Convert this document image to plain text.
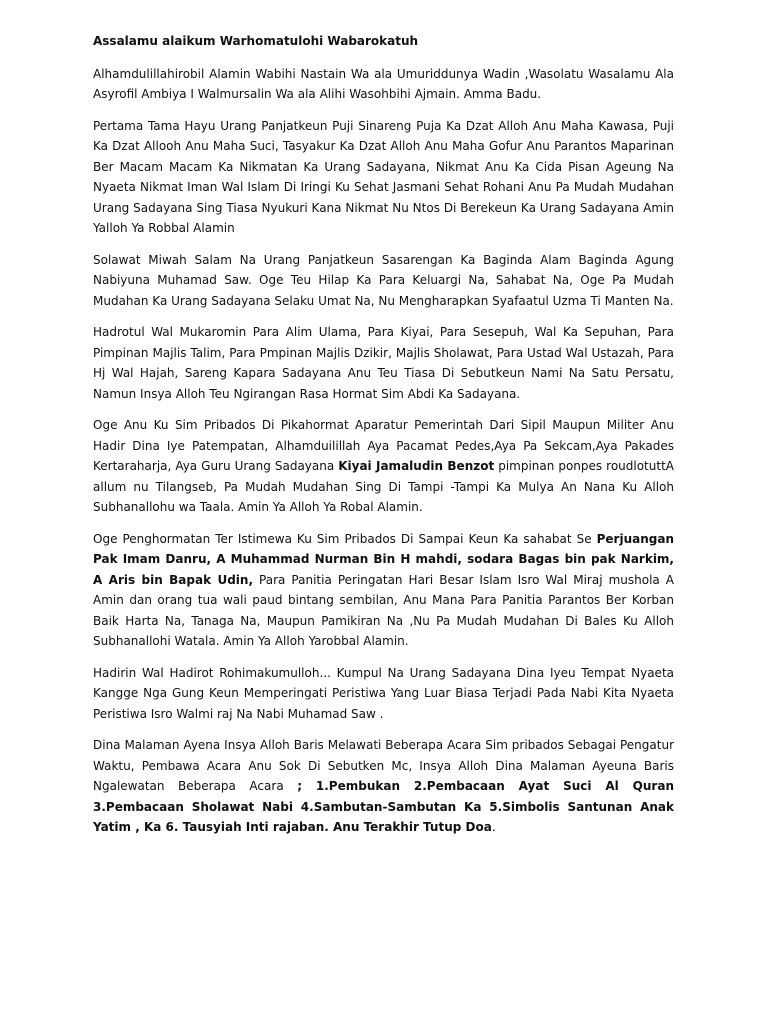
Assalamu alaikum Warhomatulohi Wabarokatuh

Alhamdulillahirobil Alamin Wabihi Nastain Wa ala Umuriddunya Wadin ,Wasolatu Wasalamu Ala Asyrofil Ambiya I Walmursalin Wa ala Alihi Wasohbihi Ajmain. Amma Badu.

Pertama Tama Hayu Urang Panjatkeun Puji Sinareng Puja Ka Dzat Alloh Anu Maha Kawasa, Puji Ka Dzat Allooh Anu Maha Suci, Tasyakur Ka Dzat Alloh Anu Maha Gofur Anu Parantos Maparinan Ber Macam Macam Ka Nikmatan Ka Urang Sadayana, Nikmat Anu Ka Cida Pisan Ageung Na Nyaeta Nikmat Iman Wal Islam Di Iringi Ku Sehat Jasmani Sehat Rohani Anu Pa Mudah Mudahan Urang Sadayana Sing Tiasa Nyukuri Kana Nikmat Nu Ntos Di Berekeun Ka Urang Sadayana Amin Yalloh Ya Robbal Alamin

Solawat Miwah Salam Na Urang Panjatkeun Sasarengan Ka Baginda Alam Baginda Agung Nabiyuna Muhamad Saw. Oge Teu Hilap Ka Para Keluargi Na, Sahabat Na, Oge Pa Mudah Mudahan Ka Urang Sadayana Selaku Umat Na, Nu Mengharapkan Syafaatul Uzma Ti Manten Na.

Hadrotul Wal Mukaromin Para Alim Ulama, Para Kiyai, Para Sesepuh, Wal Ka Sepuhan, Para Pimpinan Majlis Talim, Para Pmpinan Majlis Dzikir, Majlis Sholawat, Para Ustad Wal Ustazah, Para Hj Wal Hajah, Sareng Kapara Sadayana Anu Teu Tiasa Di Sebutkeun Nami Na Satu Persatu, Namun Insya Alloh Teu Ngirangan Rasa Hormat Sim Abdi Ka Sadayana.

Oge Anu Ku Sim Pribados Di Pikahormat Aparatur Pemerintah Dari Sipil Maupun Militer Anu Hadir Dina Iye Patempatan, Alhamduilillah Aya Pacamat Pedes,Aya Pa Sekcam,Aya Pakades Kertaraharja, Aya Guru Urang Sadayana Kiyai Jamaludin Benzot pimpinan ponpes roudlotuttA allum nu Tilangseb, Pa Mudah Mudahan Sing Di Tampi -Tampi Ka Mulya An Nana Ku Alloh Subhanallohu wa Taala. Amin Ya Alloh Ya Robal Alamin.

Oge Penghormatan Ter Istimewa Ku Sim Pribados Di Sampai Keun Ka sahabat Se Perjuangan Pak Imam Danru, A Muhammad Nurman Bin H mahdi, sodara Bagas bin pak Narkim, A Aris bin Bapak Udin, Para Panitia Peringatan Hari Besar Islam Isro Wal Miraj mushola A Amin dan orang tua wali paud bintang sembilan, Anu Mana Para Panitia Parantos Ber Korban Baik Harta Na, Tanaga Na, Maupun Pamikiran Na ,Nu Pa Mudah Mudahan Di Bales Ku Alloh Subhanallohi Watala. Amin Ya Alloh Yarobbal Alamin.

Hadirin Wal Hadirot Rohimakumulloh... Kumpul Na Urang Sadayana Dina Iyeu Tempat Nyaeta Kangge Nga Gung Keun Memperingati Peristiwa Yang Luar Biasa Terjadi Pada Nabi Kita Nyaeta Peristiwa Isro Walmi raj Na Nabi Muhamad Saw .

Dina Malaman Ayena Insya Alloh Baris Melawati Beberapa Acara Sim pribados Sebagai Pengatur Waktu, Pembawa Acara Anu Sok Di Sebutken Mc, Insya Alloh Dina Malaman Ayeuna Baris Ngalewatan Beberapa Acara ; 1.Pembukan 2.Pembacaan Ayat Suci Al Quran 3.Pembacaan Sholawat Nabi 4.Sambutan-Sambutan Ka 5.Simbolis Santunan Anak Yatim , Ka 6. Tausyiah Inti rajaban. Anu Terakhir Tutup Doa.
